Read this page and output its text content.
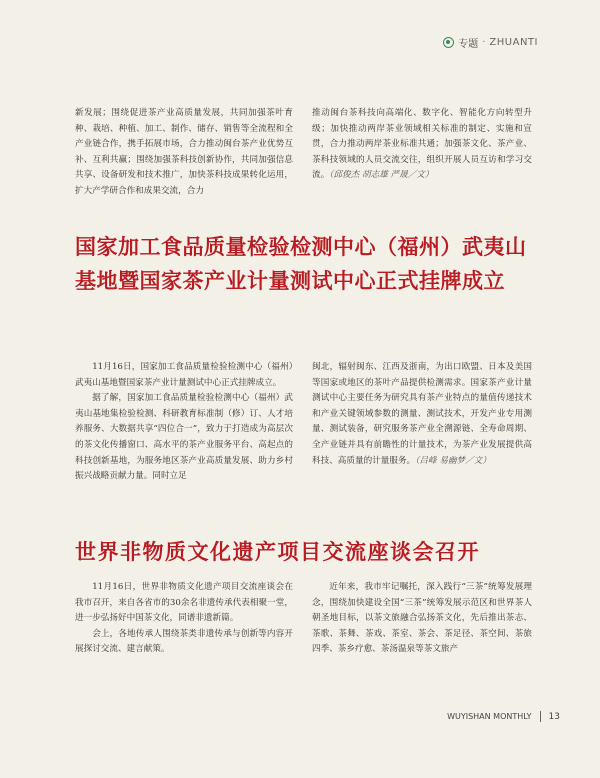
专题 · ZHUANTI

新发展；围绕促进茶产业高质量发展，共同加强茶叶育种、栽培、种植、加工、制作、储存、销售等全流程和全产业链合作，携手拓展市场，合力推动闽台茶产业优势互补、互利共赢；围绕加强茶科技创新协作，共同加强信息共享、设备研发和技术推广，加快茶科技成果转化运用，扩大产学研合作和成果交流，合力

推动闽台茶科技向高端化、数字化、智能化方向转型升级；加快推动两岸茶业领域相关标准的制定、实施和宣贯，合力推动两岸茶业标准共通；加强茶文化、茶产业、茶科技领域的人员交流交往，组织开展人员互访和学习交流。（邱俊杰 胡志雄 严晟／文）

国家加工食品质量检验检测中心（福州）武夷山基地暨国家茶产业计量测试中心正式挂牌成立

11月16日，国家加工食品质量检验检测中心（福州）武夷山基地暨国家茶产业计量测试中心正式挂牌成立。

据了解，国家加工食品质量检验检测中心（福州）武夷山基地集检验检测、科研教育标准制（修）订、人才培养服务、大数据共享“四位合一”，致力于打造成为高层次的茶文化传播窗口、高水平的茶产业服务平台、高起点的科技创新基地，为服务地区茶产业高质量发展、助力乡村振兴战略贡献力量。同时立足

闽北，辐射闽东、江西及浙南，为出口欧盟、日本及美国等国家或地区的茶叶产品提供检测需求。国家茶产业计量测试中心主要任务为研究具有茶产业特点的量值传递技术和产业关键领域参数的测量、测试技术，开发产业专用测量、测试装备，研究服务茶产业全溯源链、全寿命周期、全产业链并具有前瞻性的计量技术，为茶产业发展提供高科技、高质量的计量服务。（吕峰 易幽梦／文）

世界非物质文化遗产项目交流座谈会召开

11月16日，世界非物质文化遗产项目交流座谈会在我市召开，来自各省市的30余名非遗传承代表相聚一堂，进一步弘扬好中国茶文化，同谱非遗新篇。

会上，各地传承人围绕茶类非遗传承与创新等内容开展探讨交流、建言献策。

近年来，我市牢记嘱托，深入践行“三茶”统筹发展理念，围绕加快建设全国“三茶”统筹发展示范区和世界茶人朝圣地目标，以茶文旅融合弘扬茶文化，先后推出茶志、茶歌、茶舞、茶戏、茶室、茶会、茶足径、茶空间、茶旅四季、茶乡疗愈、茶汤温泉等茶文旅产

WUYISHAN MONTHLY 13
